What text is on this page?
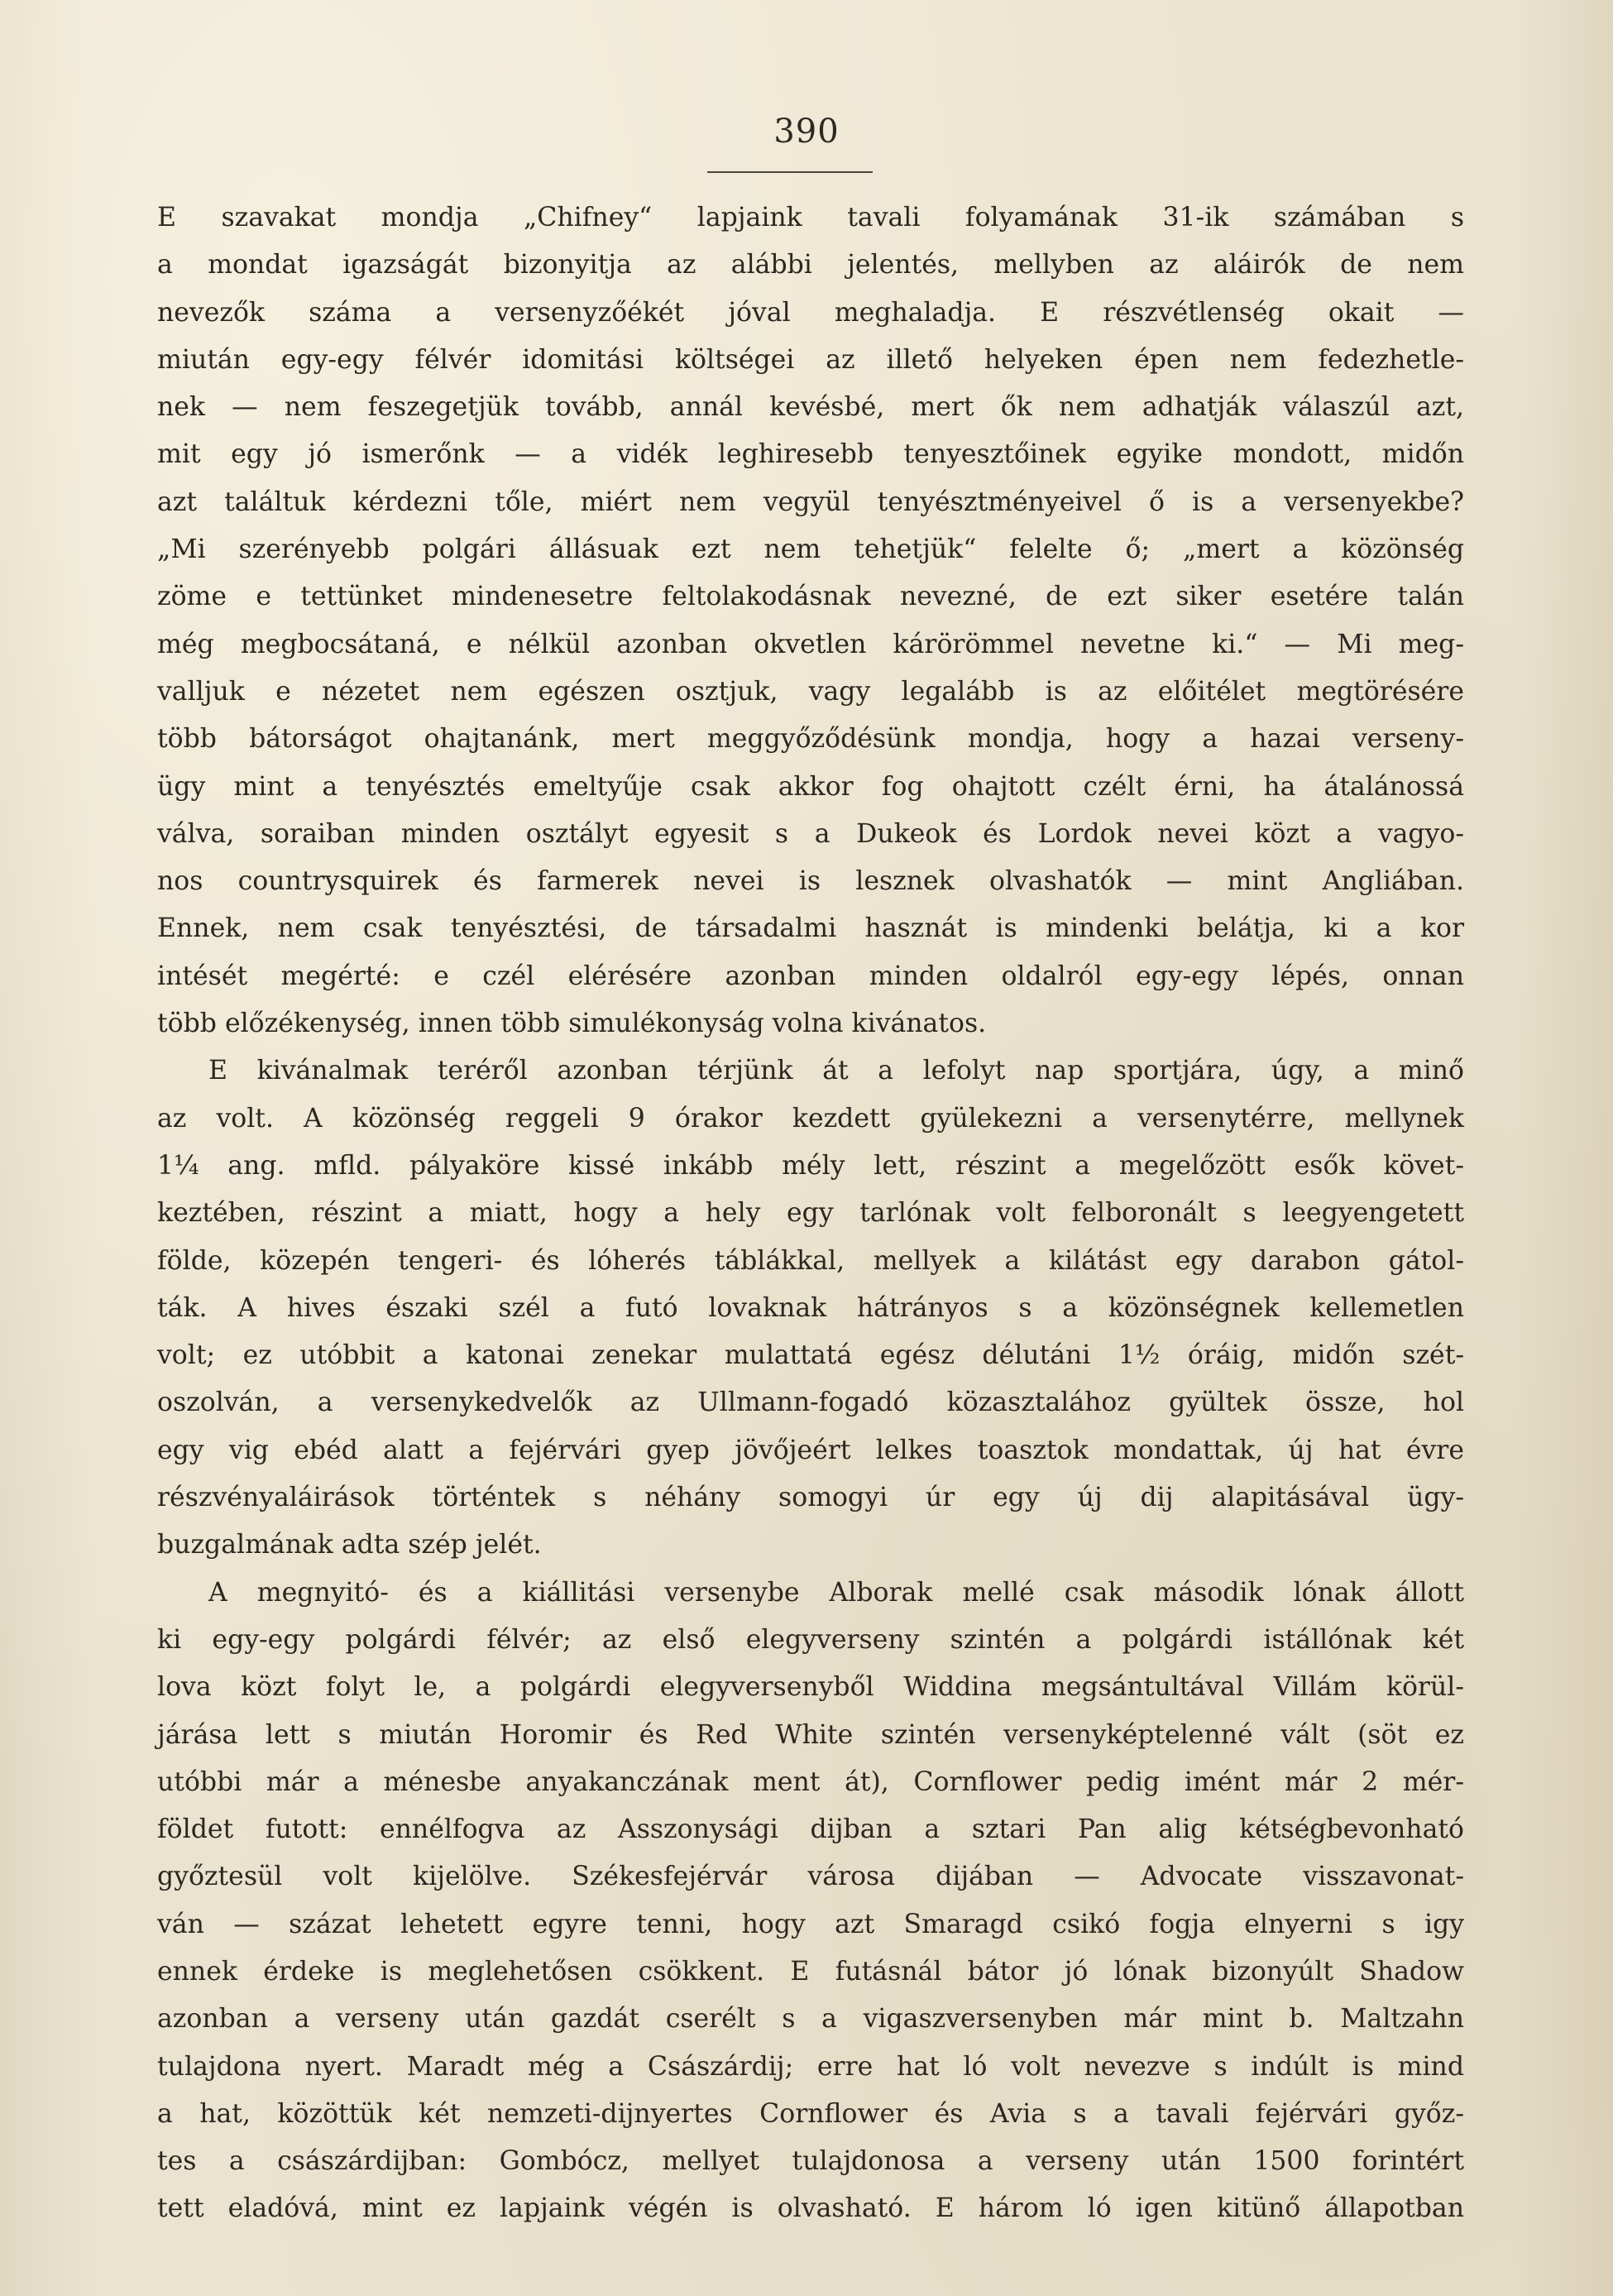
390
E szavakat mondja „Chifney“ lapjaink tavali folyamának 31-ik számában s
a mondat igazságát bizonyitja az alábbi jelentés, mellyben az aláirók de nem
nevezők száma a versenyzőékét jóval meghaladja. E részvétlenség okait —
miután egy-egy félvér idomitási költségei az illető helyeken épen nem fedezhetle-
nek — nem feszegetjük tovább, annál kevésbé, mert ők nem adhatják válaszúl azt,
mit egy jó ismerőnk — a vidék leghiresebb tenyesztőinek egyike mondott, midőn
azt találtuk kérdezni tőle, miért nem vegyül tenyésztményeivel ő is a versenyekbe?
„Mi szerényebb polgári állásuak ezt nem tehetjük“ felelte ő; „mert a közönség
zöme e tettünket mindenesetre feltolakodásnak nevezné, de ezt siker esetére talán
még megbocsátaná, e nélkül azonban okvetlen kárörömmel nevetne ki.“ — Mi meg-
valljuk e nézetet nem egészen osztjuk, vagy legalább is az előitélet megtörésére
több bátorságot ohajtanánk, mert meggyőződésünk mondja, hogy a hazai verseny-
ügy mint a tenyésztés emeltyűje csak akkor fog ohajtott czélt érni, ha átalánossá
válva, soraiban minden osztályt egyesit s a Dukeok és Lordok nevei közt a vagyo-
nos countrysquirek és farmerek nevei is lesznek olvashatók — mint Angliában.
Ennek, nem csak tenyésztési, de társadalmi hasznát is mindenki belátja, ki a kor
intését megérté: e czél elérésére azonban minden oldalról egy-egy lépés, onnan
több előzékenység, innen több simulékonyság volna kivánatos.
E kivánalmak teréről azonban térjünk át a lefolyt nap sportjára, úgy, a minő
az volt. A közönség reggeli 9 órakor kezdett gyülekezni a versenytérre, mellynek
1¼ ang. mfld. pályaköre kissé inkább mély lett, részint a megelőzött esők követ-
keztében, részint a miatt, hogy a hely egy tarlónak volt felboronált s leegyengetett
földe, közepén tengeri- és lóherés táblákkal, mellyek a kilátást egy darabon gátol-
ták. A hives északi szél a futó lovaknak hátrányos s a közönségnek kellemetlen
volt; ez utóbbit a katonai zenekar mulattatá egész délutáni 1½ óráig, midőn szét-
oszolván, a versenykedvelők az Ullmann-fogadó közasztalához gyültek össze, hol
egy vig ebéd alatt a fejérvári gyep jövőjeért lelkes toasztok mondattak, új hat évre
részvényaláirások történtek s néhány somogyi úr egy új dij alapitásával ügy-
buzgalmának adta szép jelét.
A megnyitó- és a kiállitási versenybe Alborak mellé csak második lónak állott
ki egy-egy polgárdi félvér; az első elegyverseny szintén a polgárdi istállónak két
lova közt folyt le, a polgárdi elegyversenyből Widdina megsántultával Villám körül-
járása lett s miután Horomir és Red White szintén versenyképtelenné vált (söt ez
utóbbi már a ménesbe anyakanczának ment át), Cornflower pedig imént már 2 mér-
földet futott: ennélfogva az Asszonysági dijban a sztari Pan alig kétségbevonható
győztesül volt kijelölve. Székesfejérvár városa dijában — Advocate visszavonat-
ván — százat lehetett egyre tenni, hogy azt Smaragd csikó fogja elnyerni s igy
ennek érdeke is meglehetősen csökkent. E futásnál bátor jó lónak bizonyúlt Shadow
azonban a verseny után gazdát cserélt s a vigaszversenyben már mint b. Maltzahn
tulajdona nyert. Maradt még a Császárdij; erre hat ló volt nevezve s indúlt is mind
a hat, közöttük két nemzeti-dijnyertes Cornflower és Avia s a tavali fejérvári győz-
tes a császárdijban: Gombócz, mellyet tulajdonosa a verseny után 1500 forintért
tett eladóvá, mint ez lapjaink végén is olvasható. E három ló igen kitünő állapotban
